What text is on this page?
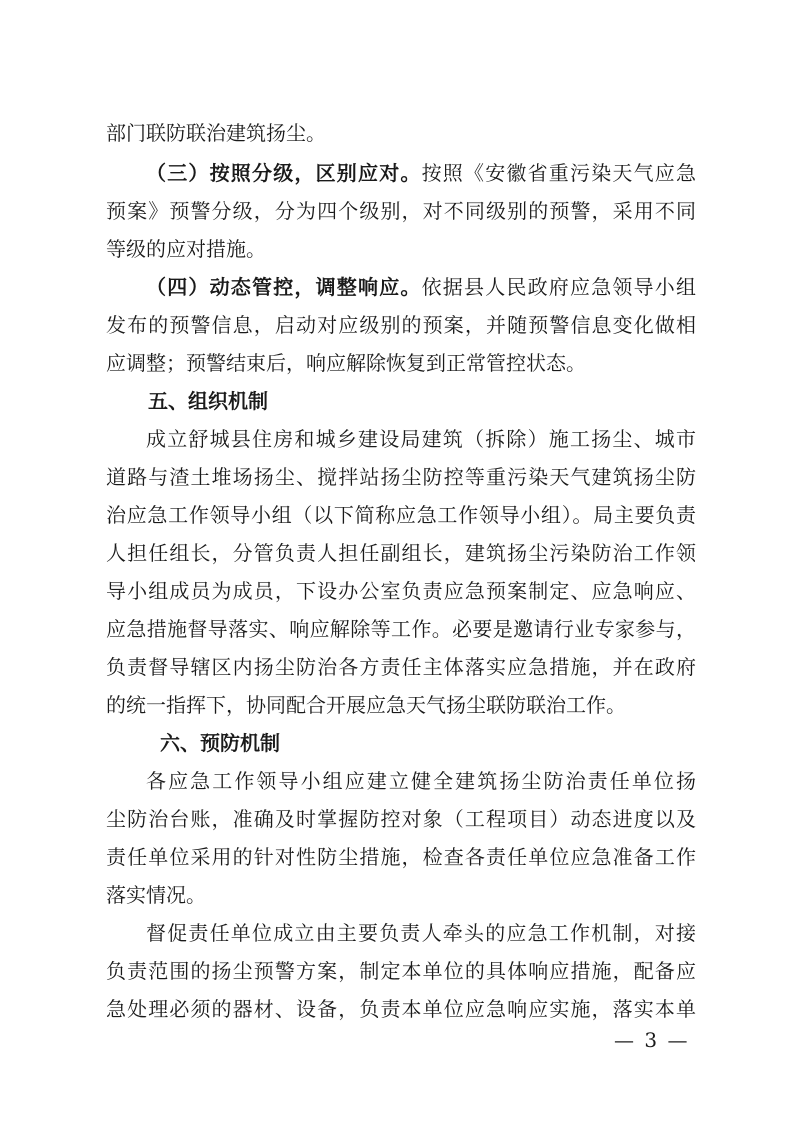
部门联防联治建筑扬尘。
（三）按照分级，区别应对。按照《安徽省重污染天气应急
预案》预警分级，分为四个级别，对不同级别的预警，采用不同
等级的应对措施。
（四）动态管控，调整响应。依据县人民政府应急领导小组
发布的预警信息，启动对应级别的预案，并随预警信息变化做相
应调整；预警结束后，响应解除恢复到正常管控状态。
五、组织机制
成立舒城县住房和城乡建设局建筑（拆除）施工扬尘、城市
道路与渣土堆场扬尘、搅拌站扬尘防控等重污染天气建筑扬尘防
治应急工作领导小组（以下简称应急工作领导小组）。局主要负责
人担任组长，分管负责人担任副组长，建筑扬尘污染防治工作领
导小组成员为成员，下设办公室负责应急预案制定、应急响应、
应急措施督导落实、响应解除等工作。必要是邀请行业专家参与，
负责督导辖区内扬尘防治各方责任主体落实应急措施，并在政府
的统一指挥下，协同配合开展应急天气扬尘联防联治工作。
六、预防机制
各应急工作领导小组应建立健全建筑扬尘防治责任单位扬
尘防治台账，准确及时掌握防控对象（工程项目）动态进度以及
责任单位采用的针对性防尘措施，检查各责任单位应急准备工作
落实情况。
督促责任单位成立由主要负责人牵头的应急工作机制，对接
负责范围的扬尘预警方案，制定本单位的具体响应措施，配备应
急处理必须的器材、设备，负责本单位应急响应实施，落实本单
— 3 —
